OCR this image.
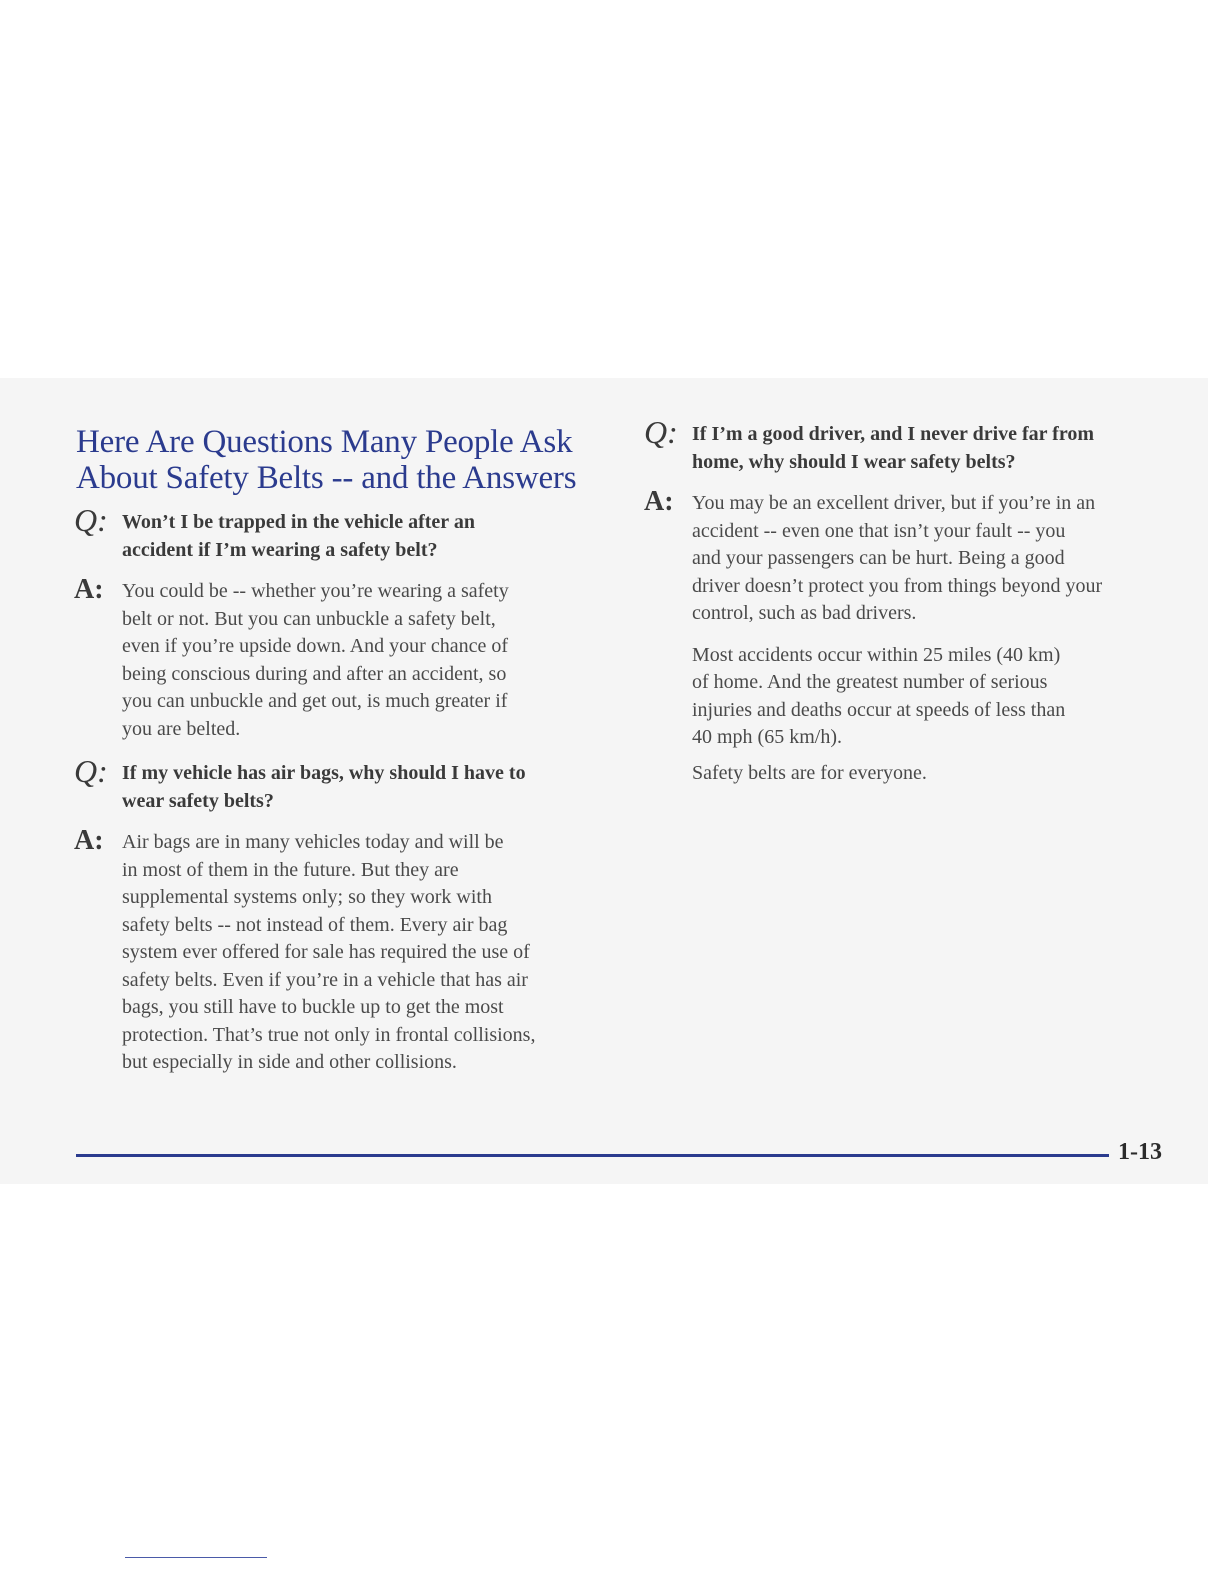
Here Are Questions Many People Ask
About Safety Belts -- and the Answers
Q: Won’t I be trapped in the vehicle after an
accident if I’m wearing a safety belt?
A: You could be -- whether you’re wearing a safety
belt or not. But you can unbuckle a safety belt,
even if you’re upside down. And your chance of
being conscious during and after an accident, so
you can unbuckle and get out, is much greater if
you are belted.
Q: If my vehicle has air bags, why should I have to
wear safety belts?
A: Air bags are in many vehicles today and will be
in most of them in the future. But they are
supplemental systems only; so they work with
safety belts -- not instead of them. Every air bag
system ever offered for sale has required the use of
safety belts. Even if you’re in a vehicle that has air
bags, you still have to buckle up to get the most
protection. That’s true not only in frontal collisions,
but especially in side and other collisions.
Q: If I’m a good driver, and I never drive far from
home, why should I wear safety belts?
A: You may be an excellent driver, but if you’re in an
accident -- even one that isn’t your fault -- you
and your passengers can be hurt. Being a good
driver doesn’t protect you from things beyond your
control, such as bad drivers.
Most accidents occur within 25 miles (40 km)
of home. And the greatest number of serious
injuries and deaths occur at speeds of less than
40 mph (65 km/h).
Safety belts are for everyone.
1-13
